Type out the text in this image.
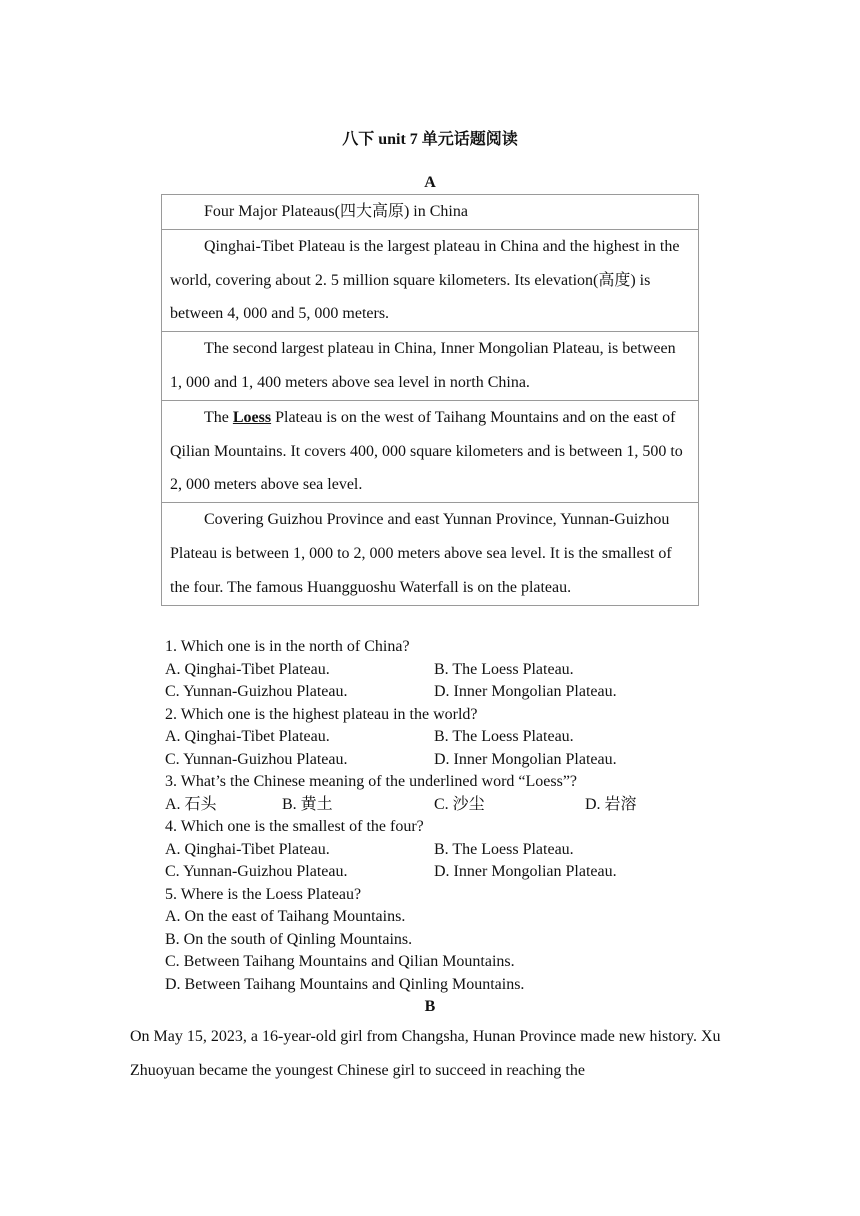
八下 unit 7 单元话题阅读
A

Four Major Plateaus(四大高原) in China

Qinghai-Tibet Plateau is the largest plateau in China and the highest in the world, covering about 2. 5 million square kilometers. Its elevation(高度) is between 4, 000 and 5, 000 meters.

The second largest plateau in China, Inner Mongolian Plateau, is between 1, 000 and 1, 400 meters above sea level in north China.

The Loess Plateau is on the west of Taihang Mountains and on the east of Qilian Mountains. It covers 400, 000 square kilometers and is between 1, 500 to 2, 000 meters above sea level.

Covering Guizhou Province and east Yunnan Province, Yunnan-Guizhou Plateau is between 1, 000 to 2, 000 meters above sea level. It is the smallest of the four. The famous Huangguoshu Waterfall is on the plateau.

1. Which one is in the north of China?
A. Qinghai-Tibet Plateau.	B. The Loess Plateau.
C. Yunnan-Guizhou Plateau.	D. Inner Mongolian Plateau.
2. Which one is the highest plateau in the world?
A. Qinghai-Tibet Plateau.	B. The Loess Plateau.
C. Yunnan-Guizhou Plateau.	D. Inner Mongolian Plateau.
3. What’s the Chinese meaning of the underlined word “Loess”?
A. 石头	B. 黄土	C. 沙尘	D. 岩溶
4. Which one is the smallest of the four?
A. Qinghai-Tibet Plateau.	B. The Loess Plateau.
C. Yunnan-Guizhou Plateau.	D. Inner Mongolian Plateau.
5. Where is the Loess Plateau?
A. On the east of Taihang Mountains.
B. On the south of Qinling Mountains.
C. Between Taihang Mountains and Qilian Mountains.
D. Between Taihang Mountains and Qinling Mountains.
B

On May 15, 2023, a 16-year-old girl from Changsha, Hunan Province made new history. Xu Zhuoyuan became the youngest Chinese girl to succeed in reaching the
